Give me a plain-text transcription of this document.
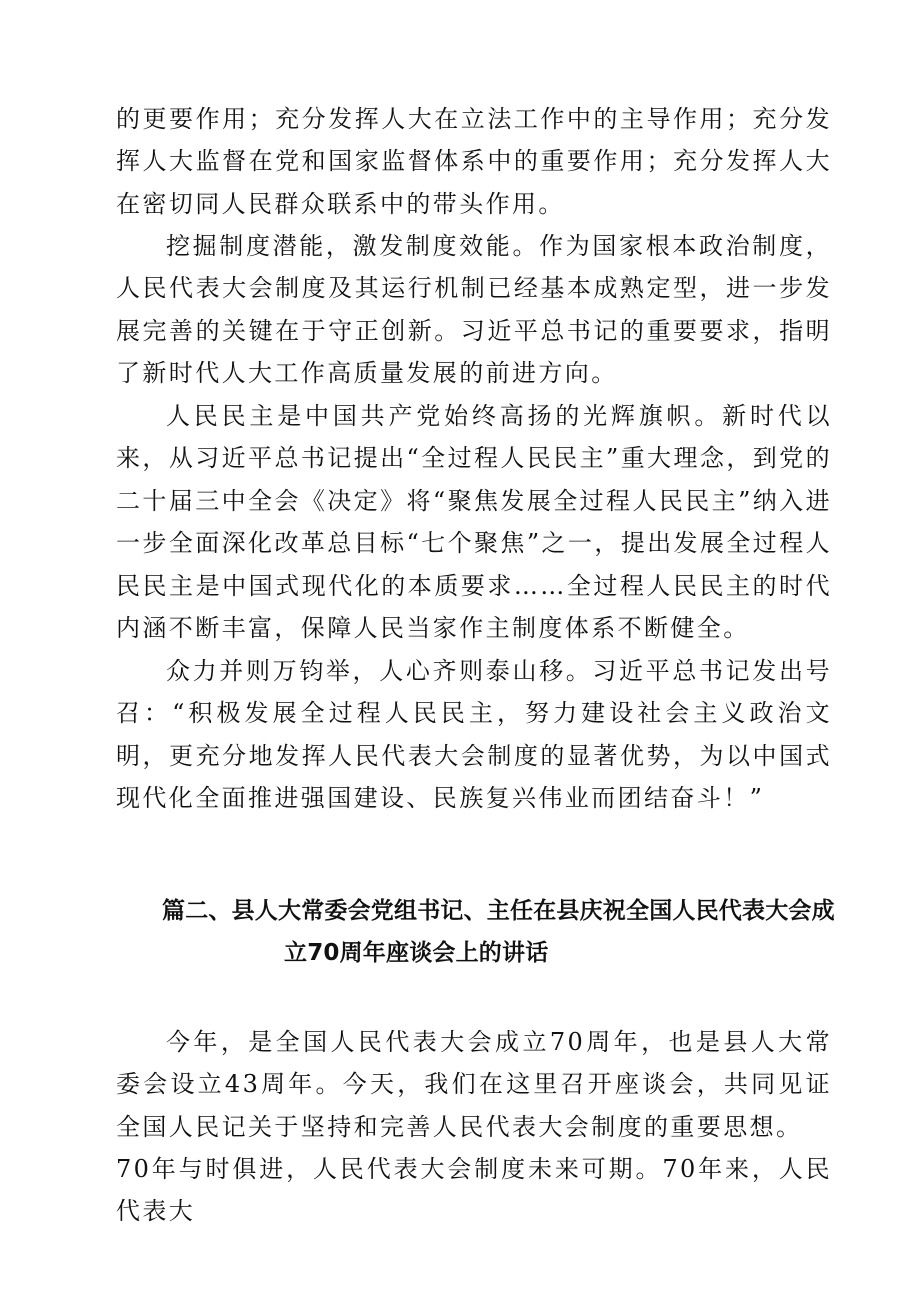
的更要作用；充分发挥人大在立法工作中的主导作用；充分发挥人大监督在党和国家监督体系中的重要作用；充分发挥人大在密切同人民群众联系中的带头作用。

挖掘制度潜能，激发制度效能。作为国家根本政治制度，人民代表大会制度及其运行机制已经基本成熟定型，进一步发展完善的关键在于守正创新。习近平总书记的重要要求，指明了新时代人大工作高质量发展的前进方向。

人民民主是中国共产党始终高扬的光辉旗帜。新时代以来，从习近平总书记提出“全过程人民民主”重大理念，到党的二十届三中全会《决定》将“聚焦发展全过程人民民主”纳入进一步全面深化改革总目标“七个聚焦”之一，提出发展全过程人民民主是中国式现代化的本质要求……全过程人民民主的时代内涵不断丰富，保障人民当家作主制度体系不断健全。

众力并则万钧举，人心齐则泰山移。习近平总书记发出号召：“积极发展全过程人民民主，努力建设社会主义政治文明，更充分地发挥人民代表大会制度的显著优势，为以中国式现代化全面推进强国建设、民族复兴伟业而团结奋斗！”

篇二、县人大常委会党组书记、主任在县庆祝全国人民代表大会成
立70周年座谈会上的讲话

今年，是全国人民代表大会成立70周年，也是县人大常委会设立43周年。今天，我们在这里召开座谈会，共同见证全国人民记关于坚持和完善人民代表大会制度的重要思想。

70年与时俱进，人民代表大会制度未来可期。70年来，人民代表大
